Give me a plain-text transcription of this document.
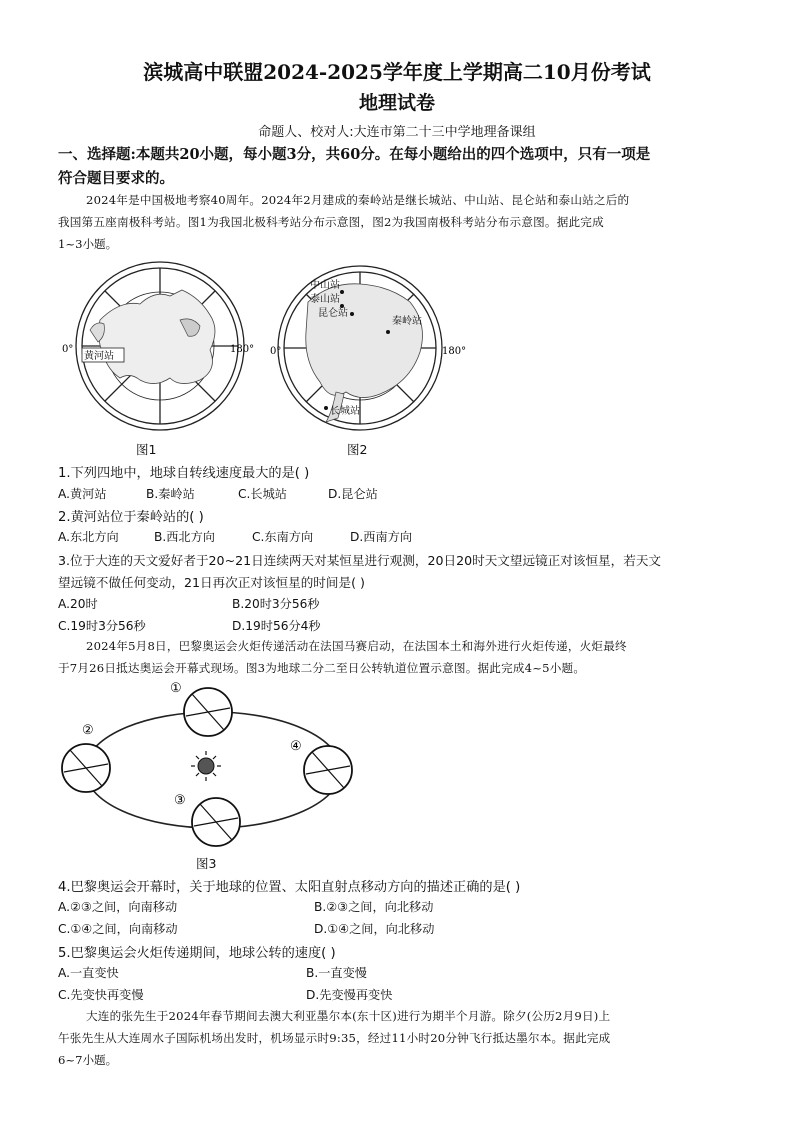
滨城高中联盟2024-2025学年度上学期高二10月份考试
地理试卷
命题人、校对人:大连市第二十三中学地理备课组
一、选择题:本题共20小题，每小题3分，共60分。在每小题给出的四个选项中，只有一项是
符合题目要求的。
2024年是中国极地考察40周年。2024年2月建成的秦岭站是继长城站、中山站、昆仑站和泰山站之后的
我国第五座南极科考站。图1为我国北极科考站分布示意图，图2为我国南极科考站分布示意图。据此完成
1~3小题。
0°	180°
黄河站
图1
中山站
泰山站
昆仑站
秦岭站
长城站
0°	180°
图2
1.下列四地中，地球自转线速度最大的是( )
A.黄河站	B.秦岭站	C.长城站	D.昆仑站
2.黄河站位于秦岭站的( )
A.东北方向	B.西北方向	C.东南方向	D.西南方向
3.位于大连的天文爱好者于20~21日连续两天对某恒星进行观测，20日20时天文望远镜正对该恒星，若天文
望远镜不做任何变动，21日再次正对该恒星的时间是( )
A.20时	B.20时3分56秒
C.19时3分56秒	D.19时56分4秒
2024年5月8日，巴黎奥运会火炬传递活动在法国马赛启动，在法国本土和海外进行火炬传递，火炬最终
于7月26日抵达奥运会开幕式现场。图3为地球二分二至日公转轨道位置示意图。据此完成4~5小题。
①
②
③
④
图3
4.巴黎奥运会开幕时，关于地球的位置、太阳直射点移动方向的描述正确的是( )
A.②③之间，向南移动	B.②③之间，向北移动
C.①④之间，向南移动	D.①④之间，向北移动
5.巴黎奥运会火炬传递期间，地球公转的速度( )
A.一直变快	B.一直变慢
C.先变快再变慢	D.先变慢再变快
大连的张先生于2024年春节期间去澳大利亚墨尔本(东十区)进行为期半个月游。除夕(公历2月9日)上
午张先生从大连周水子国际机场出发时，机场显示时9:35，经过11小时20分钟飞行抵达墨尔本。据此完成
6~7小题。
